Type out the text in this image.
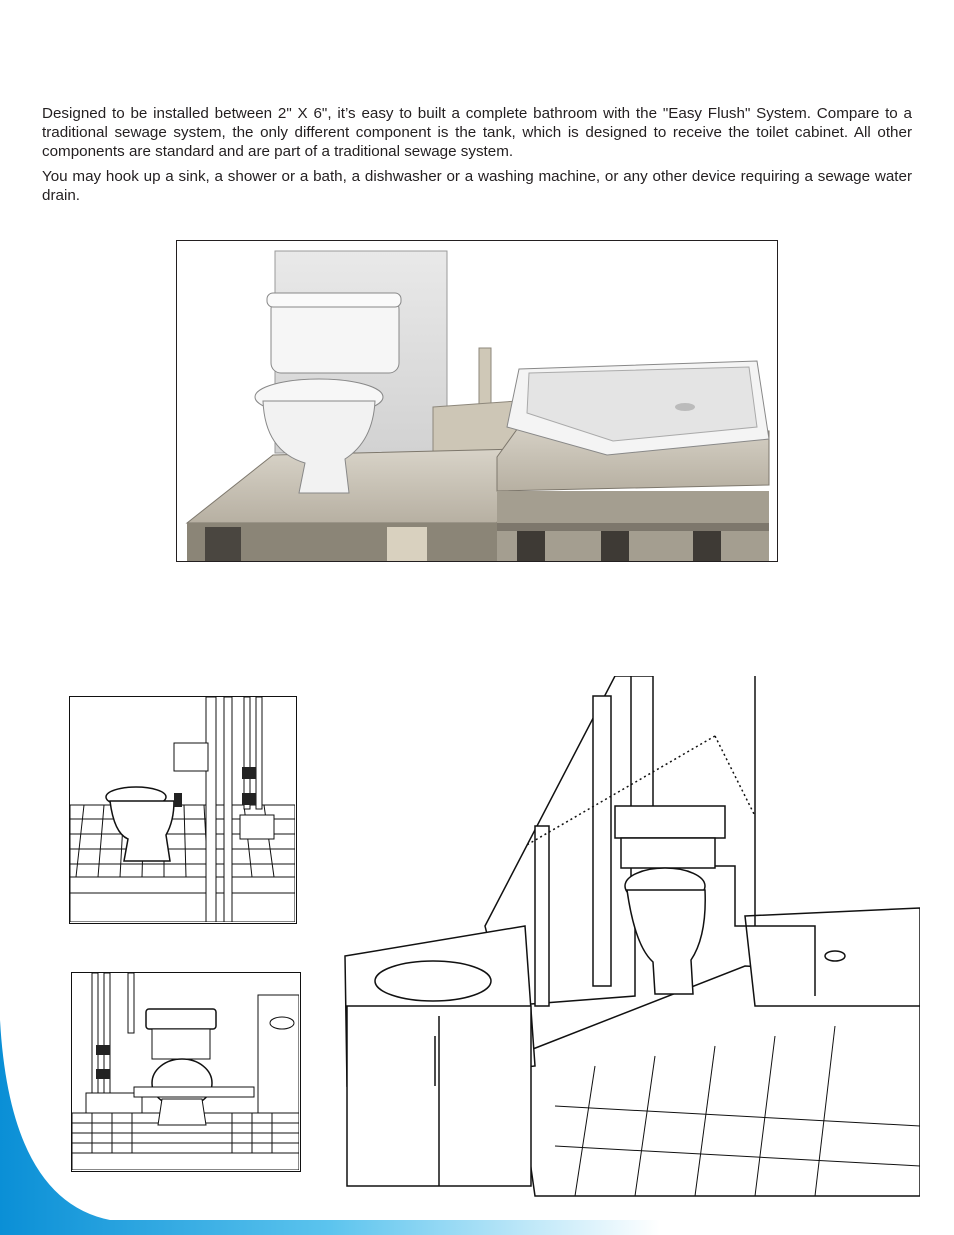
Designed to be installed between 2" X 6", it’s easy to built a complete bathroom with the "Easy Flush" System. Compare to a traditional sewage system, the only different component is the tank, which is designed to receive the toilet cabinet. All other components are standard and are part of a traditional sewage system.

You may hook up a sink, a shower or a bath, a dishwasher or a washing machine, or any other device requiring a sewage water drain.
